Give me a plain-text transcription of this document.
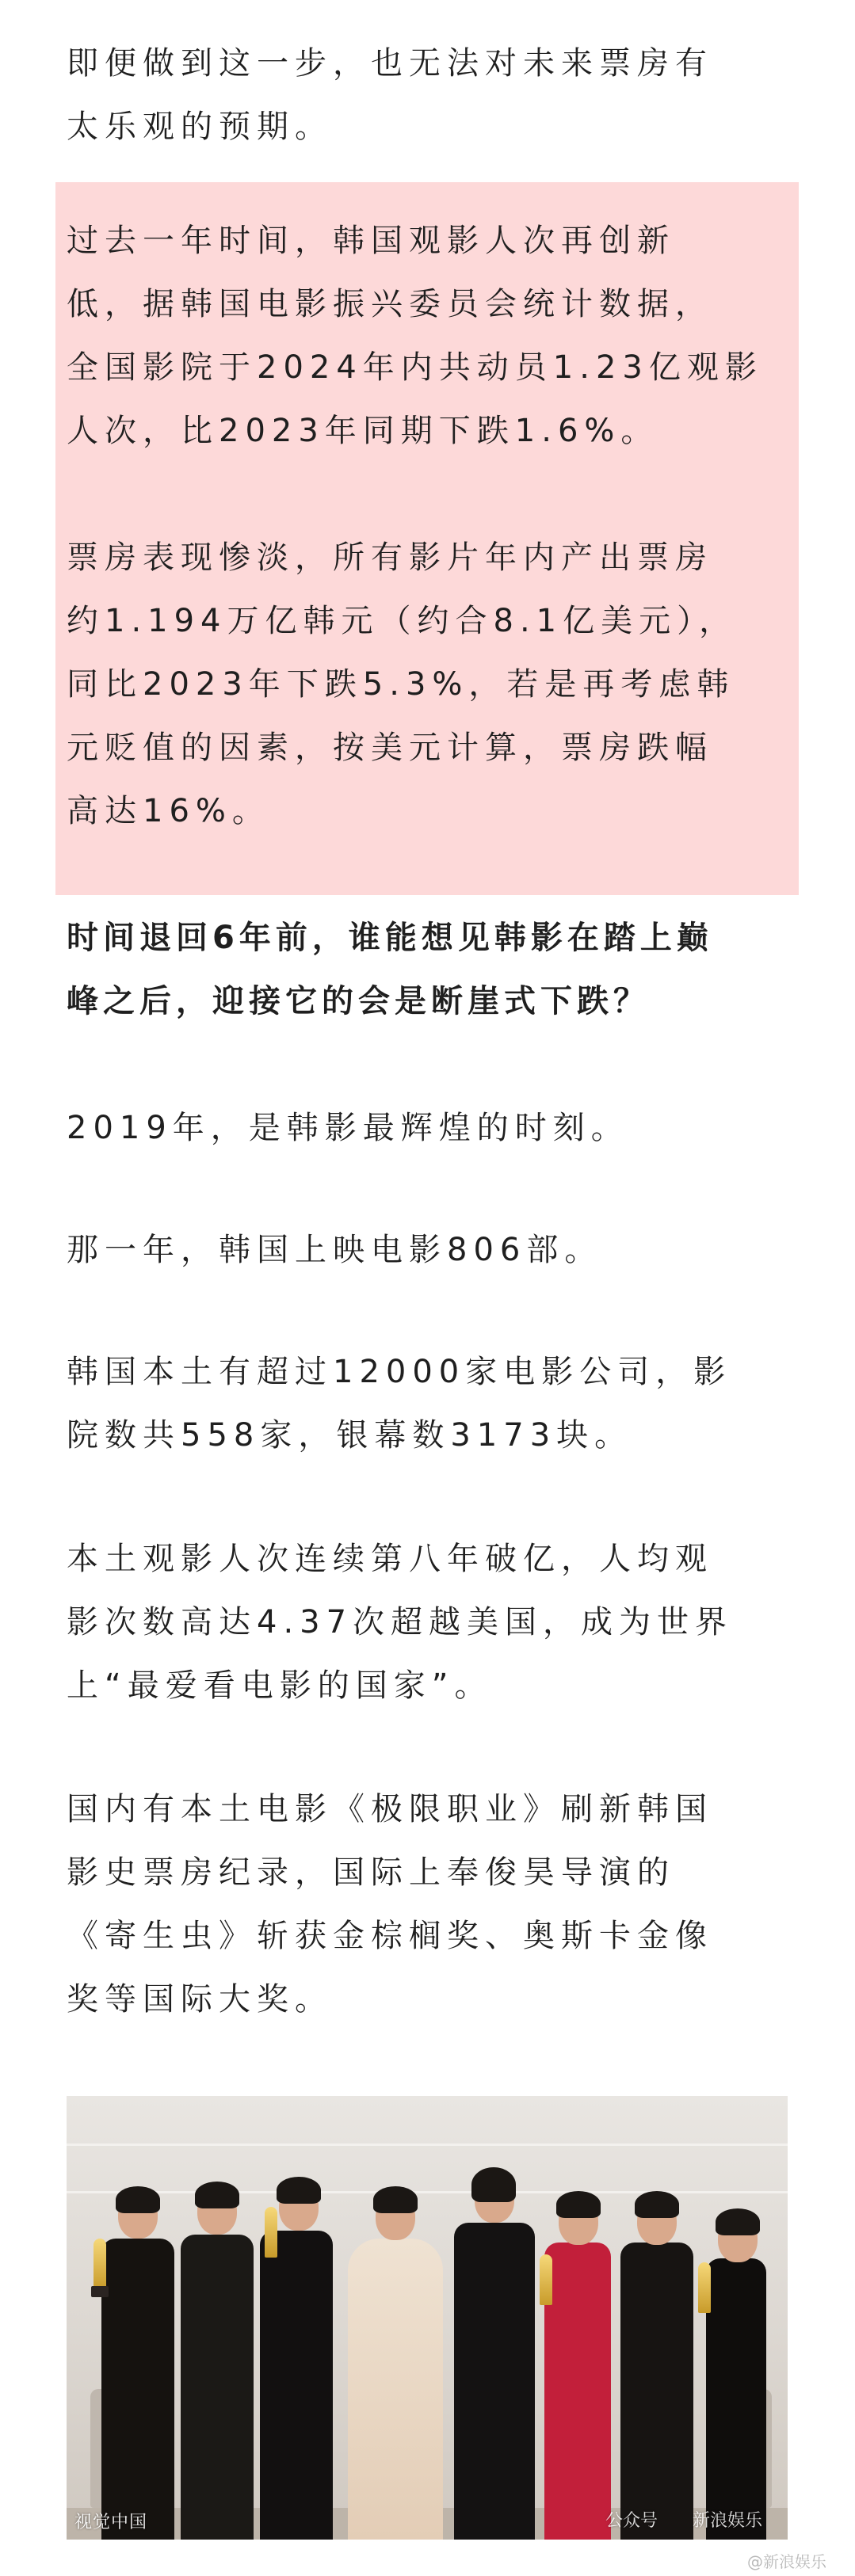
即便做到这一步，也无法对未来票房有
太乐观的预期。
过去一年时间，韩国观影人次再创新
低，据韩国电影振兴委员会统计数据，
全国影院于2024年内共动员1.23亿观影
人次，比2023年同期下跌1.6%。
票房表现惨淡，所有影片年内产出票房
约1.194万亿韩元（约合8.1亿美元），
同比2023年下跌5.3%，若是再考虑韩
元贬值的因素，按美元计算，票房跌幅
高达16%。
时间退回6年前，谁能想见韩影在踏上巅
峰之后，迎接它的会是断崖式下跌？
2019年，是韩影最辉煌的时刻。
那一年，韩国上映电影806部。
韩国本土有超过12000家电影公司，影
院数共558家，银幕数3173块。
本土观影人次连续第八年破亿，人均观
影次数高达4.37次超越美国，成为世界
上“最爱看电影的国家”。
国内有本土电影《极限职业》刷新韩国
影史票房纪录，国际上奉俊昊导演的
《寄生虫》斩获金棕榈奖、奥斯卡金像
奖等国际大奖。
视觉中国	公众号 新浪娱乐
@新浪娱乐
